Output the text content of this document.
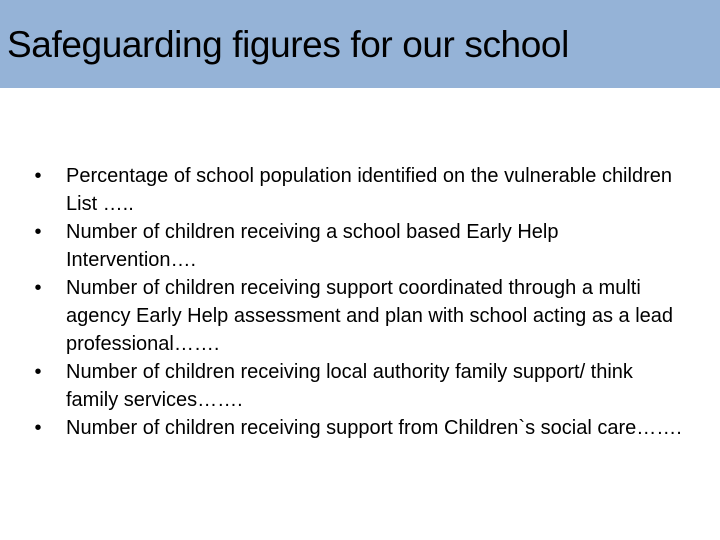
Safeguarding figures for our school
•	Percentage of school population identified on the vulnerable children List …..
•	Number of children receiving a school based Early Help Intervention….
•	Number of children receiving support coordinated through a multi agency Early Help assessment and plan with school acting as a lead professional…….
•	Number of children receiving local authority family support/ think family services…….
•	Number of children receiving support from Children`s social care…….
